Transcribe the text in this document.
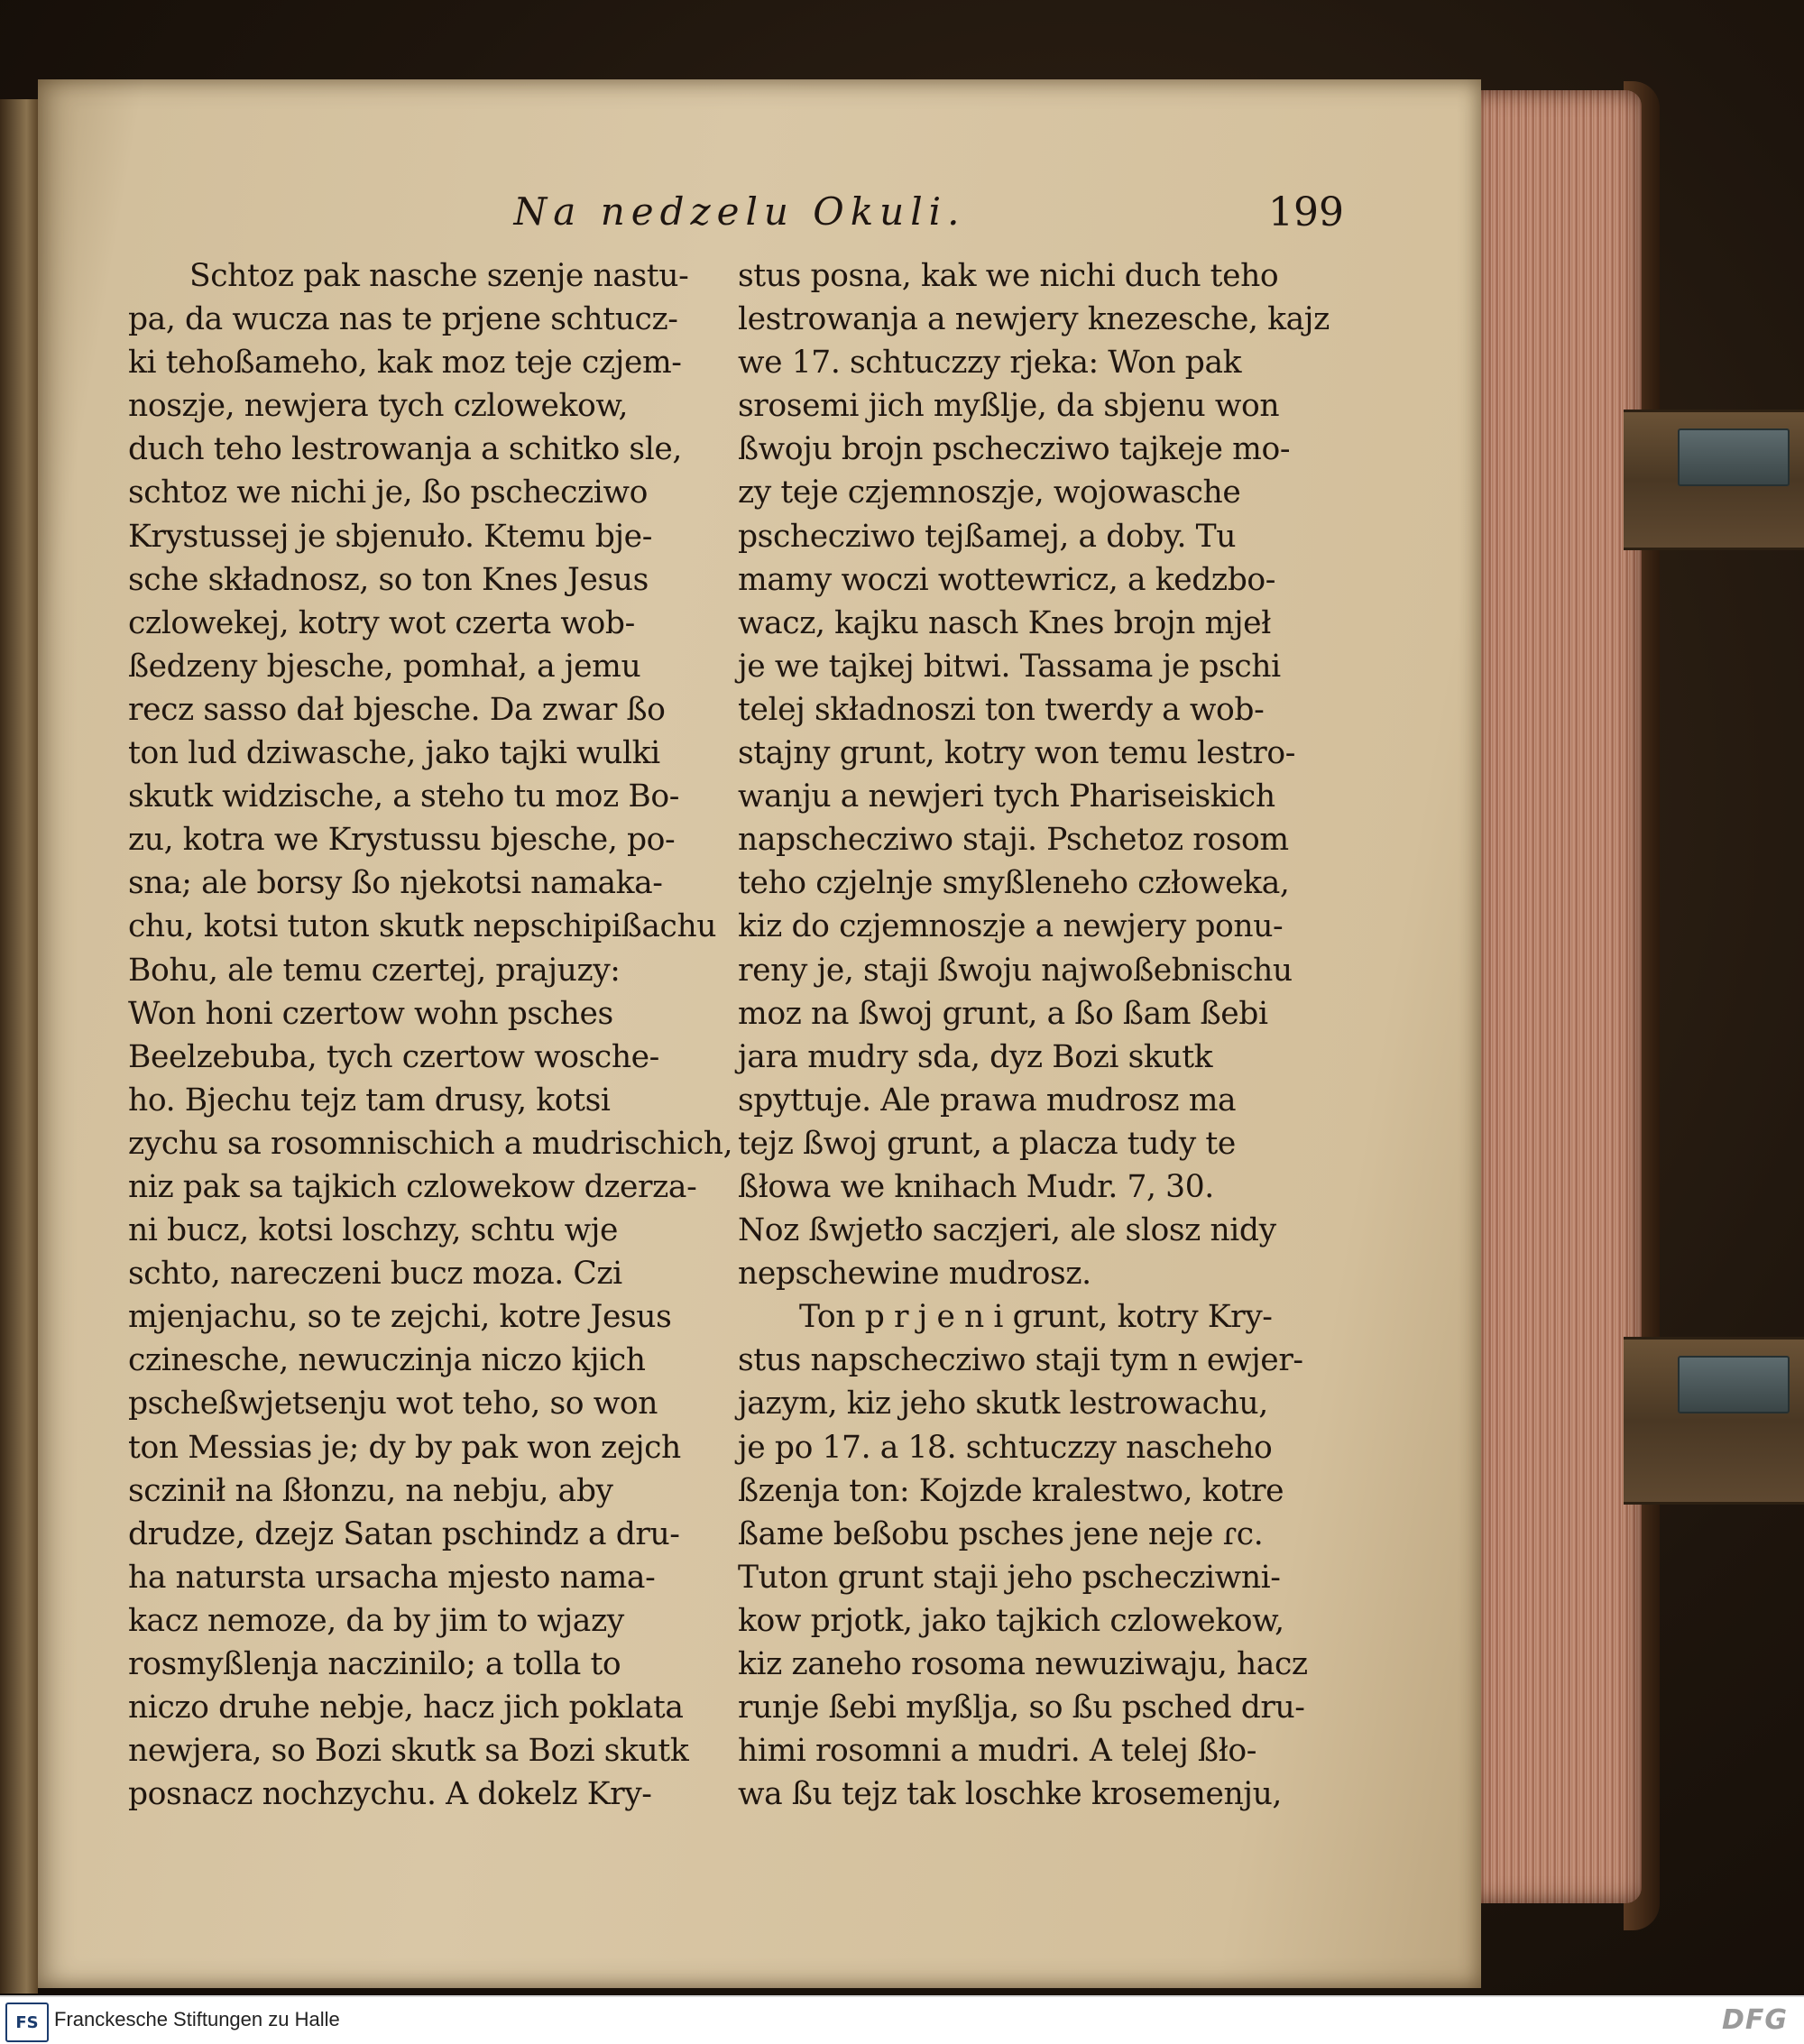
Na nedzelu Okuli.	199
Schtoz pak nasche szenje nastu-
pa, da wucza nas te prjene schtucz-
ki tehoßameho, kak moz teje czjem-
noszje, newjera tych czlowekow,
duch teho lestrowanja a schitko sle,
schtoz we nichi je, ßo pschecziwo
Krystussej je sbjenuło. Ktemu bje-
sche składnosz, so ton Knes Jesus
czlowekej, kotry wot czerta wob-
ßedzeny bjesche, pomhał, a jemu
recz sasso dał bjesche. Da zwar ßo
ton lud dziwasche, jako tajki wulki
skutk widzische, a steho tu moz Bo-
zu, kotra we Krystussu bjesche, po-
sna; ale borsy ßo njekotsi namaka-
chu, kotsi tuton skutk nepschipißachu
Bohu, ale temu czertej, prajuzy:
Won honi czertow wohn psches
Beelzebuba, tych czertow wosche-
ho. Bjechu tejz tam drusy, kotsi
zychu sa rosomnischich a mudrischich,
niz pak sa tajkich czlowekow dzerza-
ni bucz, kotsi loschzy, schtu wje
schto, nareczeni bucz moza. Czi
mjenjachu, so te zejchi, kotre Jesus
czinesche, newuczinja niczo kjich
pscheßwjetsenju wot teho, so won
ton Messias je; dy by pak won zejch
sczinił na ßłonzu, na nebju, aby
drudze, dzejz Satan pschindz a dru-
ha natursta ursacha mjesto nama-
kacz nemoze, da by jim to wjazy
rosmyßlenja naczinilo; a tolla to
niczo druhe nebje, hacz jich poklata
newjera, so Bozi skutk sa Bozi skutk
posnacz nochzychu. A dokelz Kry-
stus posna, kak we nichi duch teho
lestrowanja a newjery knezesche, kajz
we 17. schtuczzy rjeka: Won pak
srosemi jich myßlje, da sbjenu won
ßwoju brojn pschecziwo tajkeje mo-
zy teje czjemnoszje, wojowasche
pschecziwo tejßamej, a doby. Tu
mamy woczi wottewricz, a kedzbo-
wacz, kajku nasch Knes brojn mjeł
je we tajkej bitwi. Tassama je pschi
telej składnoszi ton twerdy a wob-
stajny grunt, kotry won temu lestro-
wanju a newjeri tych Phariseiskich
napschecziwo staji. Pschetoz rosom
teho czjelnje smyßleneho człoweka,
kiz do czjemnoszje a newjery ponu-
reny je, staji ßwoju najwoßebnischu
moz na ßwoj grunt, a ßo ßam ßebi
jara mudry sda, dyz Bozi skutk
spyttuje. Ale prawa mudrosz ma
tejz ßwoj grunt, a placza tudy te
ßłowa we knihach Mudr. 7, 30.
Noz ßwjetło saczjeri, ale slosz nidy
nepschewine mudrosz.
Ton p r j e n i grunt, kotry Kry-
stus napschecziwo staji tym n ewjer-
jazym, kiz jeho skutk lestrowachu,
je po 17. a 18. schtuczzy naschehο
ßzenja ton: Kojzde kralestwo, kotre
ßame beßobu psches jene neje ɾc.
Tuton grunt staji jeho pschecziwni-
kow prjotk, jako tajkich czlowekow,
kiz zaneho rosoma newuziwaju, hacz
runje ßebi myßlja, so ßu psched dru-
himi rosomni a mudri. A telej ßło-
wa ßu tejz tak loschke krosemenju,
FS Franckesche Stiftungen zu Halle	DFG
